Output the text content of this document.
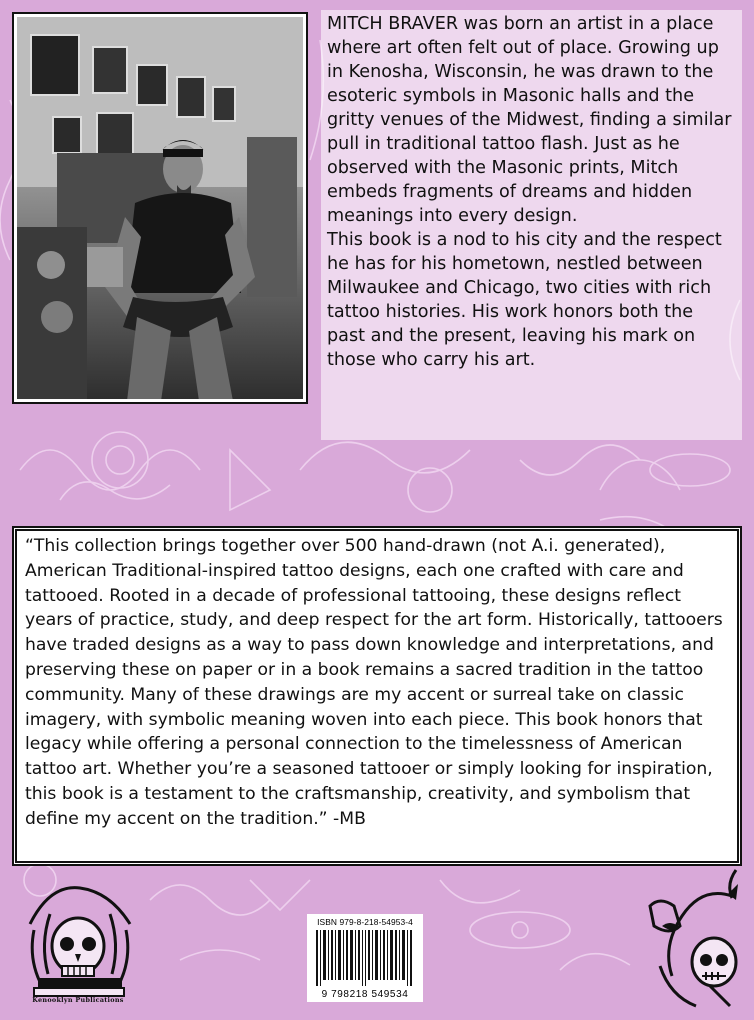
MITCH BRAVER was born an artist in a place where art often felt out of place. Growing up in Kenosha, Wisconsin, he was drawn to the esoteric symbols in Masonic halls and the gritty venues of the Midwest, finding a similar pull in traditional tattoo flash. Just as he observed with the Masonic prints, Mitch embeds fragments of dreams and hidden meanings into every design.

This book is a nod to his city and the respect he has for his hometown, nestled between Milwaukee and Chicago, two cities with rich tattoo histories. His work honors both the past and the present, leaving his mark on those who carry his art.

“This collection brings together over 500 hand-drawn (not A.i. generated), American Traditional-inspired tattoo designs, each one crafted with care and tattooed. Rooted in a decade of professional tattooing, these designs reflect years of practice, study, and deep respect for the art form. Historically, tattooers have traded designs as a way to pass down knowledge and interpretations, and preserving these on paper or in a book remains a sacred tradition in the tattoo community. Many of these drawings are my accent or surreal take on classic imagery, with symbolic meaning woven into each piece. This book honors that legacy while offering a personal connection to the timelessness of American tattoo art. Whether you’re a seasoned tattooer or simply looking for inspiration, this book is a testament to the craftsmanship, creativity, and symbolism that define my accent on the tradition.” -MB

Kenooklyn Publications
ISBN 979-8-218-54953-4
9 798218 549534
